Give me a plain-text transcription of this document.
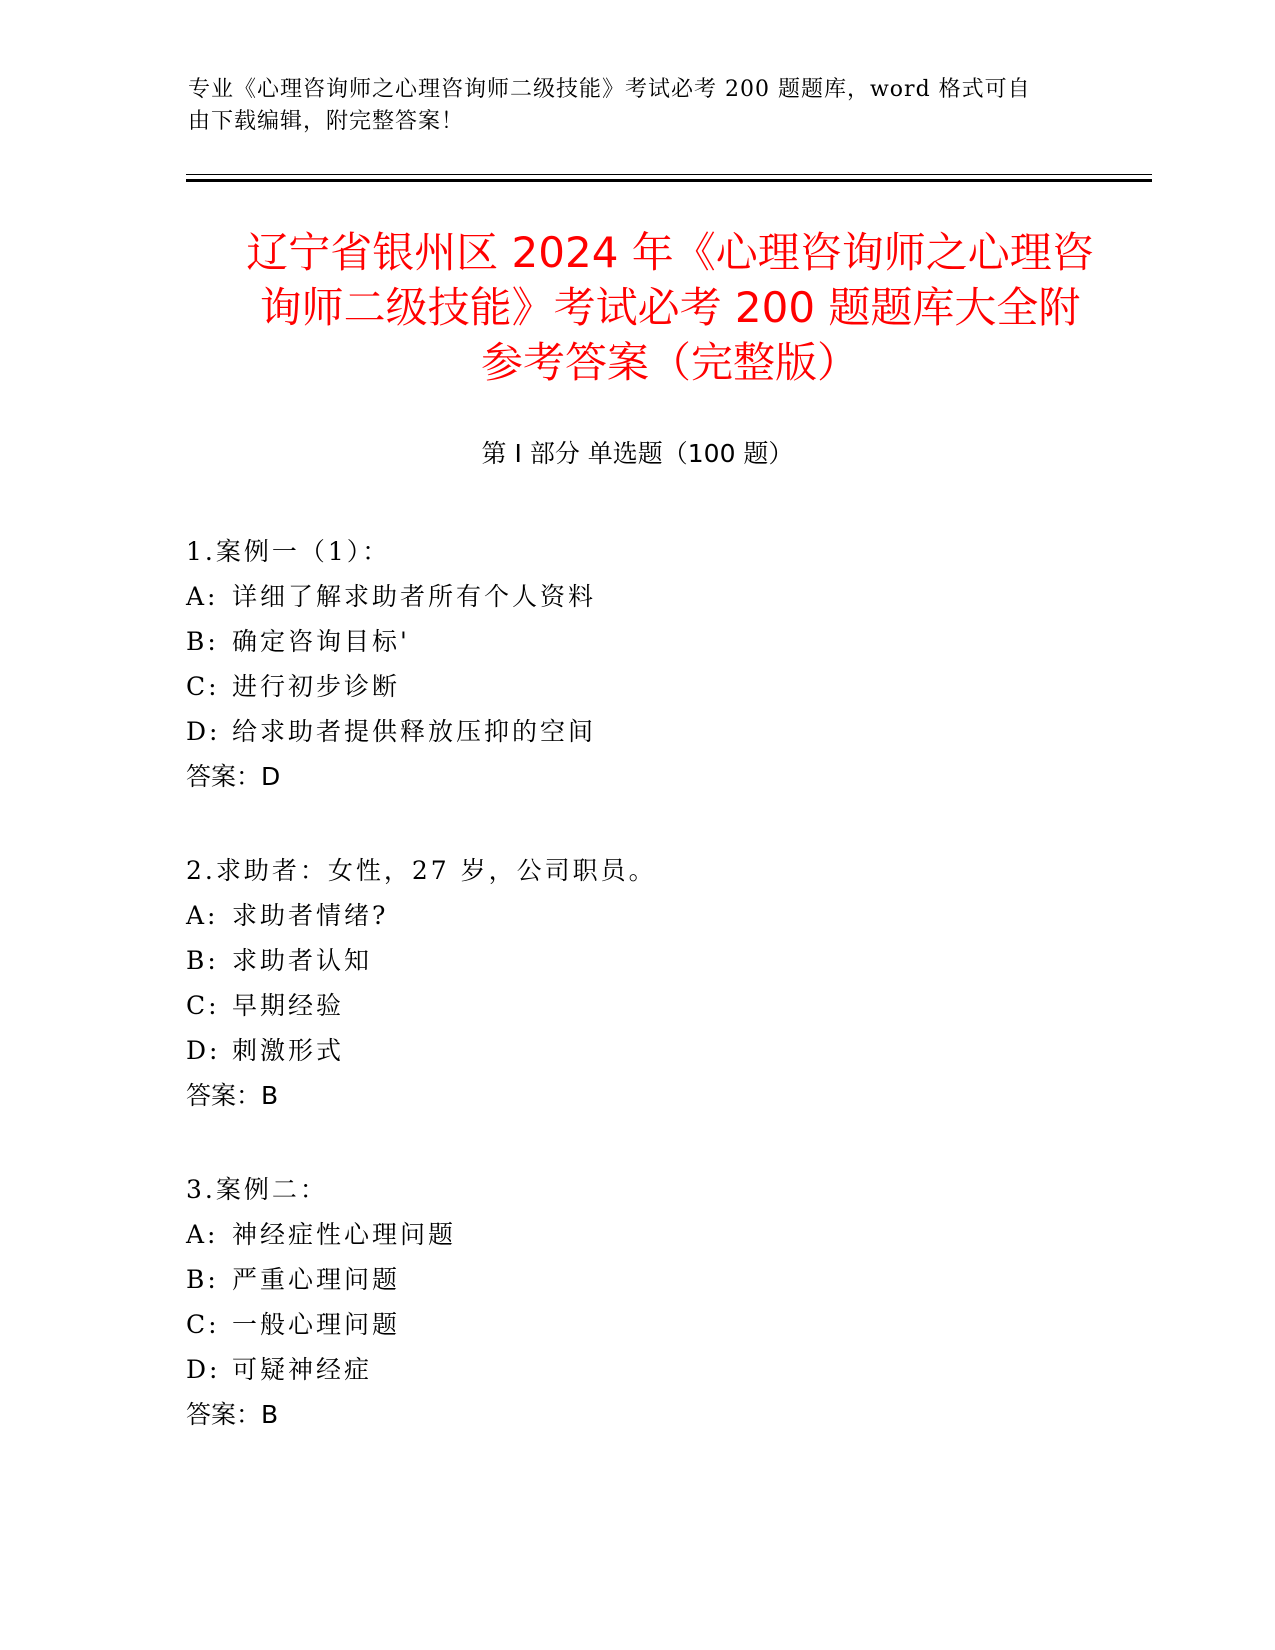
专业《心理咨询师之心理咨询师二级技能》考试必考 200 题题库，word 格式可自
由下载编辑，附完整答案！
辽宁省银州区 2024 年《心理咨询师之心理咨
询师二级技能》考试必考 200 题题库大全附
参考答案（完整版）
第 I 部分 单选题（100 题）
1.案例一（1）：
A: 详细了解求助者所有个人资料
B: 确定咨询目标'
C: 进行初步诊断
D: 给求助者提供释放压抑的空间
答案：D
2.求助者：女性，27 岁，公司职员。
A: 求助者情绪?
B: 求助者认知
C: 早期经验
D: 刺激形式
答案：B
3.案例二：
A: 神经症性心理问题
B: 严重心理问题
C: 一般心理问题
D: 可疑神经症
答案：B
